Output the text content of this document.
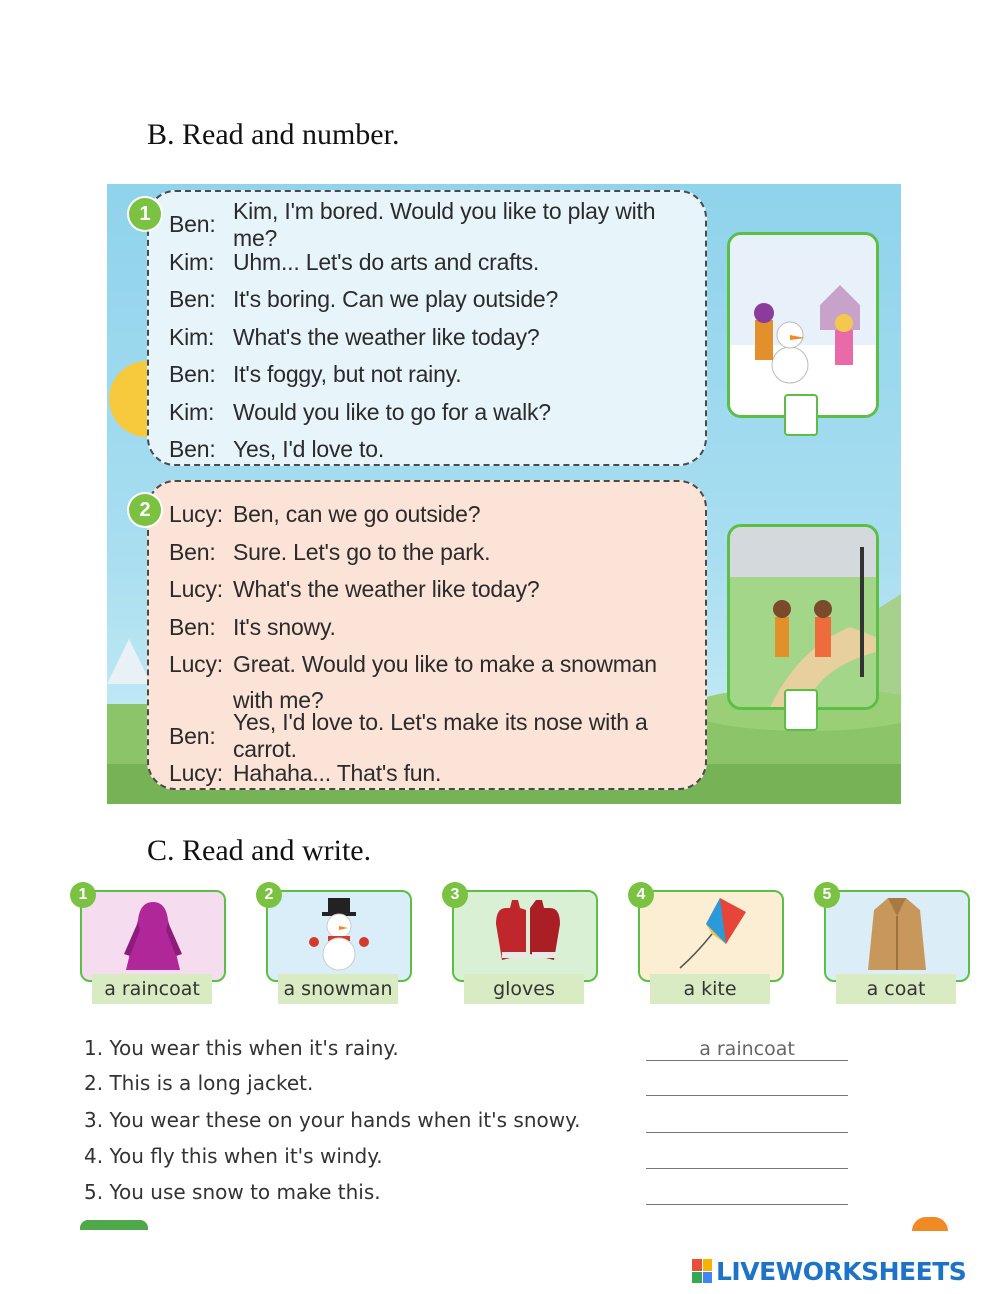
B. Read and number.
Ben:
Kim, I'm bored. Would you like to play with me?
Kim: Uhm... Let's do arts and crafts.
Ben: It's boring. Can we play outside?
Kim: What's the weather like today?
Ben: It's foggy, but not rainy.
Kim: Would you like to go for a walk?
Ben: Yes, I'd love to.
Lucy: Ben, can we go outside?
Ben: Sure. Let's go to the park.
Lucy: What's the weather like today?
Ben: It's snowy.
Lucy: Great. Would you like to make a snowman
with me?
Ben:
Yes, I'd love to. Let's make its nose with a carrot.
Lucy: Hahaha... That's fun.
1
2
C. Read and write.
1
a raincoat
2
a snowman
3
gloves
4
a kite
5
a coat
1. You wear this when it's rainy.	a raincoat
2. This is a long jacket.
3. You wear these on your hands when it's snowy.
4. You fly this when it's windy.
5. You use snow to make this.
LIVEWORKSHEETS
